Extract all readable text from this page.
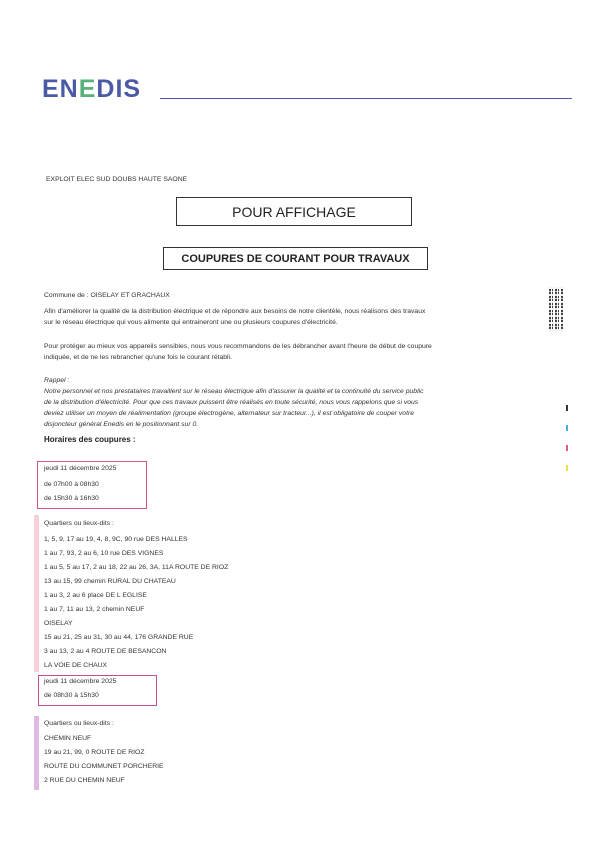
ENEDIS
EXPLOIT ELEC SUD DOUBS HAUTE SAONE
POUR AFFICHAGE
COUPURES DE COURANT POUR TRAVAUX
Commune de : OISELAY ET GRACHAUX
Afin d'améliorer la qualité de la distribution électrique et de répondre aux besoins de notre clientèle, nous réalisons des travaux
sur le réseau électrique qui vous alimente qui entraineront une ou plusieurs coupures d'électricité.
Pour protéger au mieux vos appareils sensibles, nous vous recommandons de les débrancher avant l'heure de début de coupure
indiquée, et de ne les rebrancher qu'une fois le courant rétabli.
Rappel :
Notre personnel et nos prestataires travaillent sur le réseau électrique afin d'assurer la qualité et la continuité du service public
de la distribution d'électricité. Pour que ces travaux puissent être réalisés en toute sécurité, nous vous rappelons que si vous
deviez utiliser un moyen de réalimentation (groupe électrogène, alternateur sur tracteur...), il est obligatoire de couper votre
disjoncteur général Enedis en le positionnant sur 0.
Horaires des coupures :
jeudi 11 décembre 2025
de 07h00 à 08h30
de 15h30 à 16h30
Quartiers ou lieux-dits :
1, 5, 9, 17 au 19, 4, 8, 9C, 90 rue DES HALLES
1 au 7, 93, 2 au 6, 10 rue DES VIGNES
1 au 5, 5 au 17, 2 au 18, 22 au 26, 3A, 11A ROUTE DE RIOZ
13 au 15, 99 chemin RURAL DU CHATEAU
1 au 3, 2 au 6 place DE L EGLISE
1 au 7, 11 au 13, 2 chemin NEUF
OISELAY
15 au 21, 25 au 31, 30 au 44, 176 GRANDE RUE
3 au 13, 2 au 4 ROUTE DE BESANCON
LA VOIE DE CHAUX
jeudi 11 décembre 2025
de 08h30 à 15h30
Quartiers ou lieux-dits :
CHEMIN NEUF
19 au 21, 99, 0 ROUTE DE RIOZ
ROUTE DU COMMUNET PORCHERIE
2 RUE DU CHEMIN NEUF
